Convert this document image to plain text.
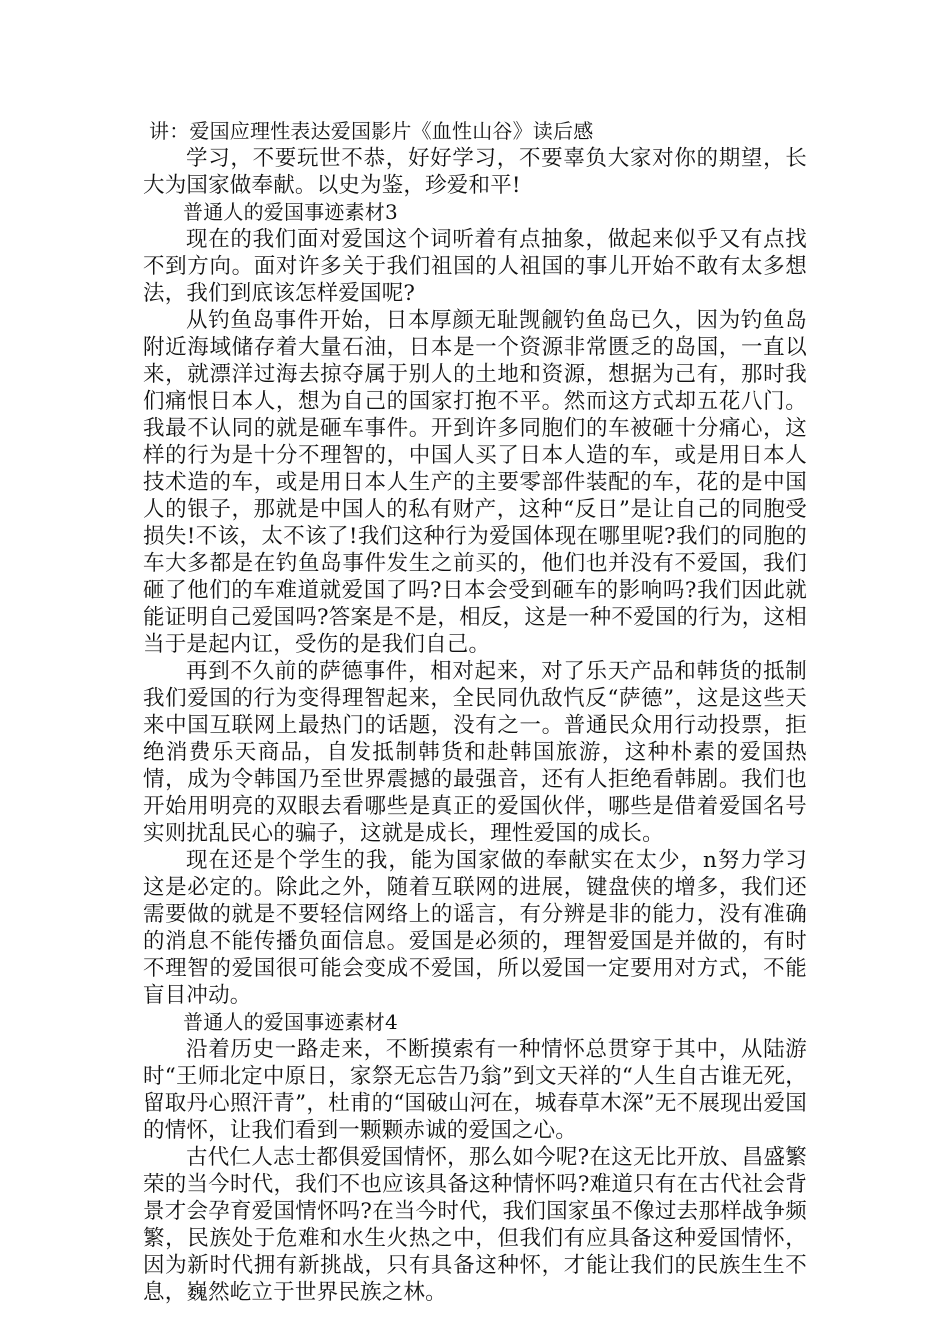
讲：爱国应理性表达爱国影片《血性山谷》读后感

学习，不要玩世不恭，好好学习，不要辜负大家对你的期望，长大为国家做奉献。以史为鉴，珍爱和平!

普通人的爱国事迹素材3

现在的我们面对爱国这个词听着有点抽象，做起来似乎又有点找不到方向。面对许多关于我们祖国的人祖国的事儿开始不敢有太多想法，我们到底该怎样爱国呢?

从钓鱼岛事件开始，日本厚颜无耻觊觎钓鱼岛已久，因为钓鱼岛附近海域储存着大量石油，日本是一个资源非常匮乏的岛国，一直以来，就漂洋过海去掠夺属于别人的土地和资源，想据为己有，那时我们痛恨日本人，想为自己的国家打抱不平。然而这方式却五花八门。我最不认同的就是砸车事件。开到许多同胞们的车被砸十分痛心，这样的行为是十分不理智的，中国人买了日本人造的车，或是用日本人技术造的车，或是用日本人生产的主要零部件装配的车，花的是中国人的银子，那就是中国人的私有财产，这种“反日”是让自己的同胞受损失!不该，太不该了!我们这种行为爱国体现在哪里呢?我们的同胞的车大多都是在钓鱼岛事件发生之前买的，他们也并没有不爱国，我们砸了他们的车难道就爱国了吗?日本会受到砸车的影响吗?我们因此就能证明自己爱国吗?答案是不是，相反，这是一种不爱国的行为，这相当于是起内讧，受伤的是我们自己。

再到不久前的萨德事件，相对起来，对了乐天产品和韩货的抵制我们爱国的行为变得理智起来，全民同仇敌忾反“萨德”，这是这些天来中国互联网上最热门的话题，没有之一。普通民众用行动投票，拒绝消费乐天商品，自发抵制韩货和赴韩国旅游，这种朴素的爱国热情，成为令韩国乃至世界震撼的最强音，还有人拒绝看韩剧。我们也开始用明亮的双眼去看哪些是真正的爱国伙伴，哪些是借着爱国名号实则扰乱民心的骗子，这就是成长，理性爱国的成长。

现在还是个学生的我，能为国家做的奉献实在太少，n努力学习这是必定的。除此之外，随着互联网的进展，键盘侠的增多，我们还需要做的就是不要轻信网络上的谣言，有分辨是非的能力，没有准确的消息不能传播负面信息。爱国是必须的，理智爱国是并做的，有时不理智的爱国很可能会变成不爱国，所以爱国一定要用对方式，不能盲目冲动。

普通人的爱国事迹素材4

沿着历史一路走来，不断摸索有一种情怀总贯穿于其中，从陆游时“王师北定中原日，家祭无忘告乃翁”到文天祥的“人生自古谁无死，留取丹心照汗青”，杜甫的“国破山河在，城春草木深”无不展现出爱国的情怀，让我们看到一颗颗赤诚的爱国之心。

古代仁人志士都俱爱国情怀，那么如今呢?在这无比开放、昌盛繁荣的当今时代，我们不也应该具备这种情怀吗?难道只有在古代社会背景才会孕育爱国情怀吗?在当今时代，我们国家虽不像过去那样战争频繁，民族处于危难和水生火热之中，但我们有应具备这种爱国情怀，因为新时代拥有新挑战，只有具备这种怀，才能让我们的民族生生不息，巍然屹立于世界民族之林。
